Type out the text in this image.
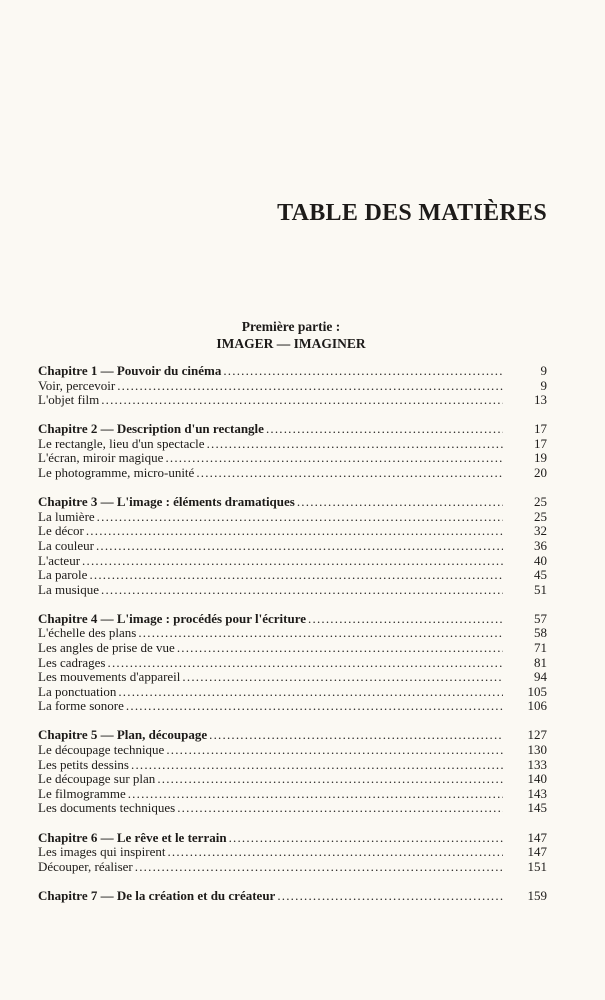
TABLE DES MATIÈRES
Première partie :
IMAGER — IMAGINER
Chapitre 1 — Pouvoir du cinéma .....	9
Voir, percevoir .....	9
L'objet film .....	13
Chapitre 2 — Description d'un rectangle .....	17
Le rectangle, lieu d'un spectacle .....	17
L'écran, miroir magique .....	19
Le photogramme, micro-unité .....	20
Chapitre 3 — L'image : éléments dramatiques .....	25
La lumière .....	25
Le décor .....	32
La couleur .....	36
L'acteur .....	40
La parole .....	45
La musique .....	51
Chapitre 4 — L'image : procédés pour l'écriture .....	57
L'échelle des plans .....	58
Les angles de prise de vue .....	71
Les cadrages .....	81
Les mouvements d'appareil .....	94
La ponctuation .....	105
La forme sonore .....	106
Chapitre 5 — Plan, découpage .....	127
Le découpage technique .....	130
Les petits dessins .....	133
Le découpage sur plan .....	140
Le filmogramme .....	143
Les documents techniques .....	145
Chapitre 6 — Le rêve et le terrain .....	147
Les images qui inspirent .....	147
Découper, réaliser .....	151
Chapitre 7 — De la création et du créateur .....	159
